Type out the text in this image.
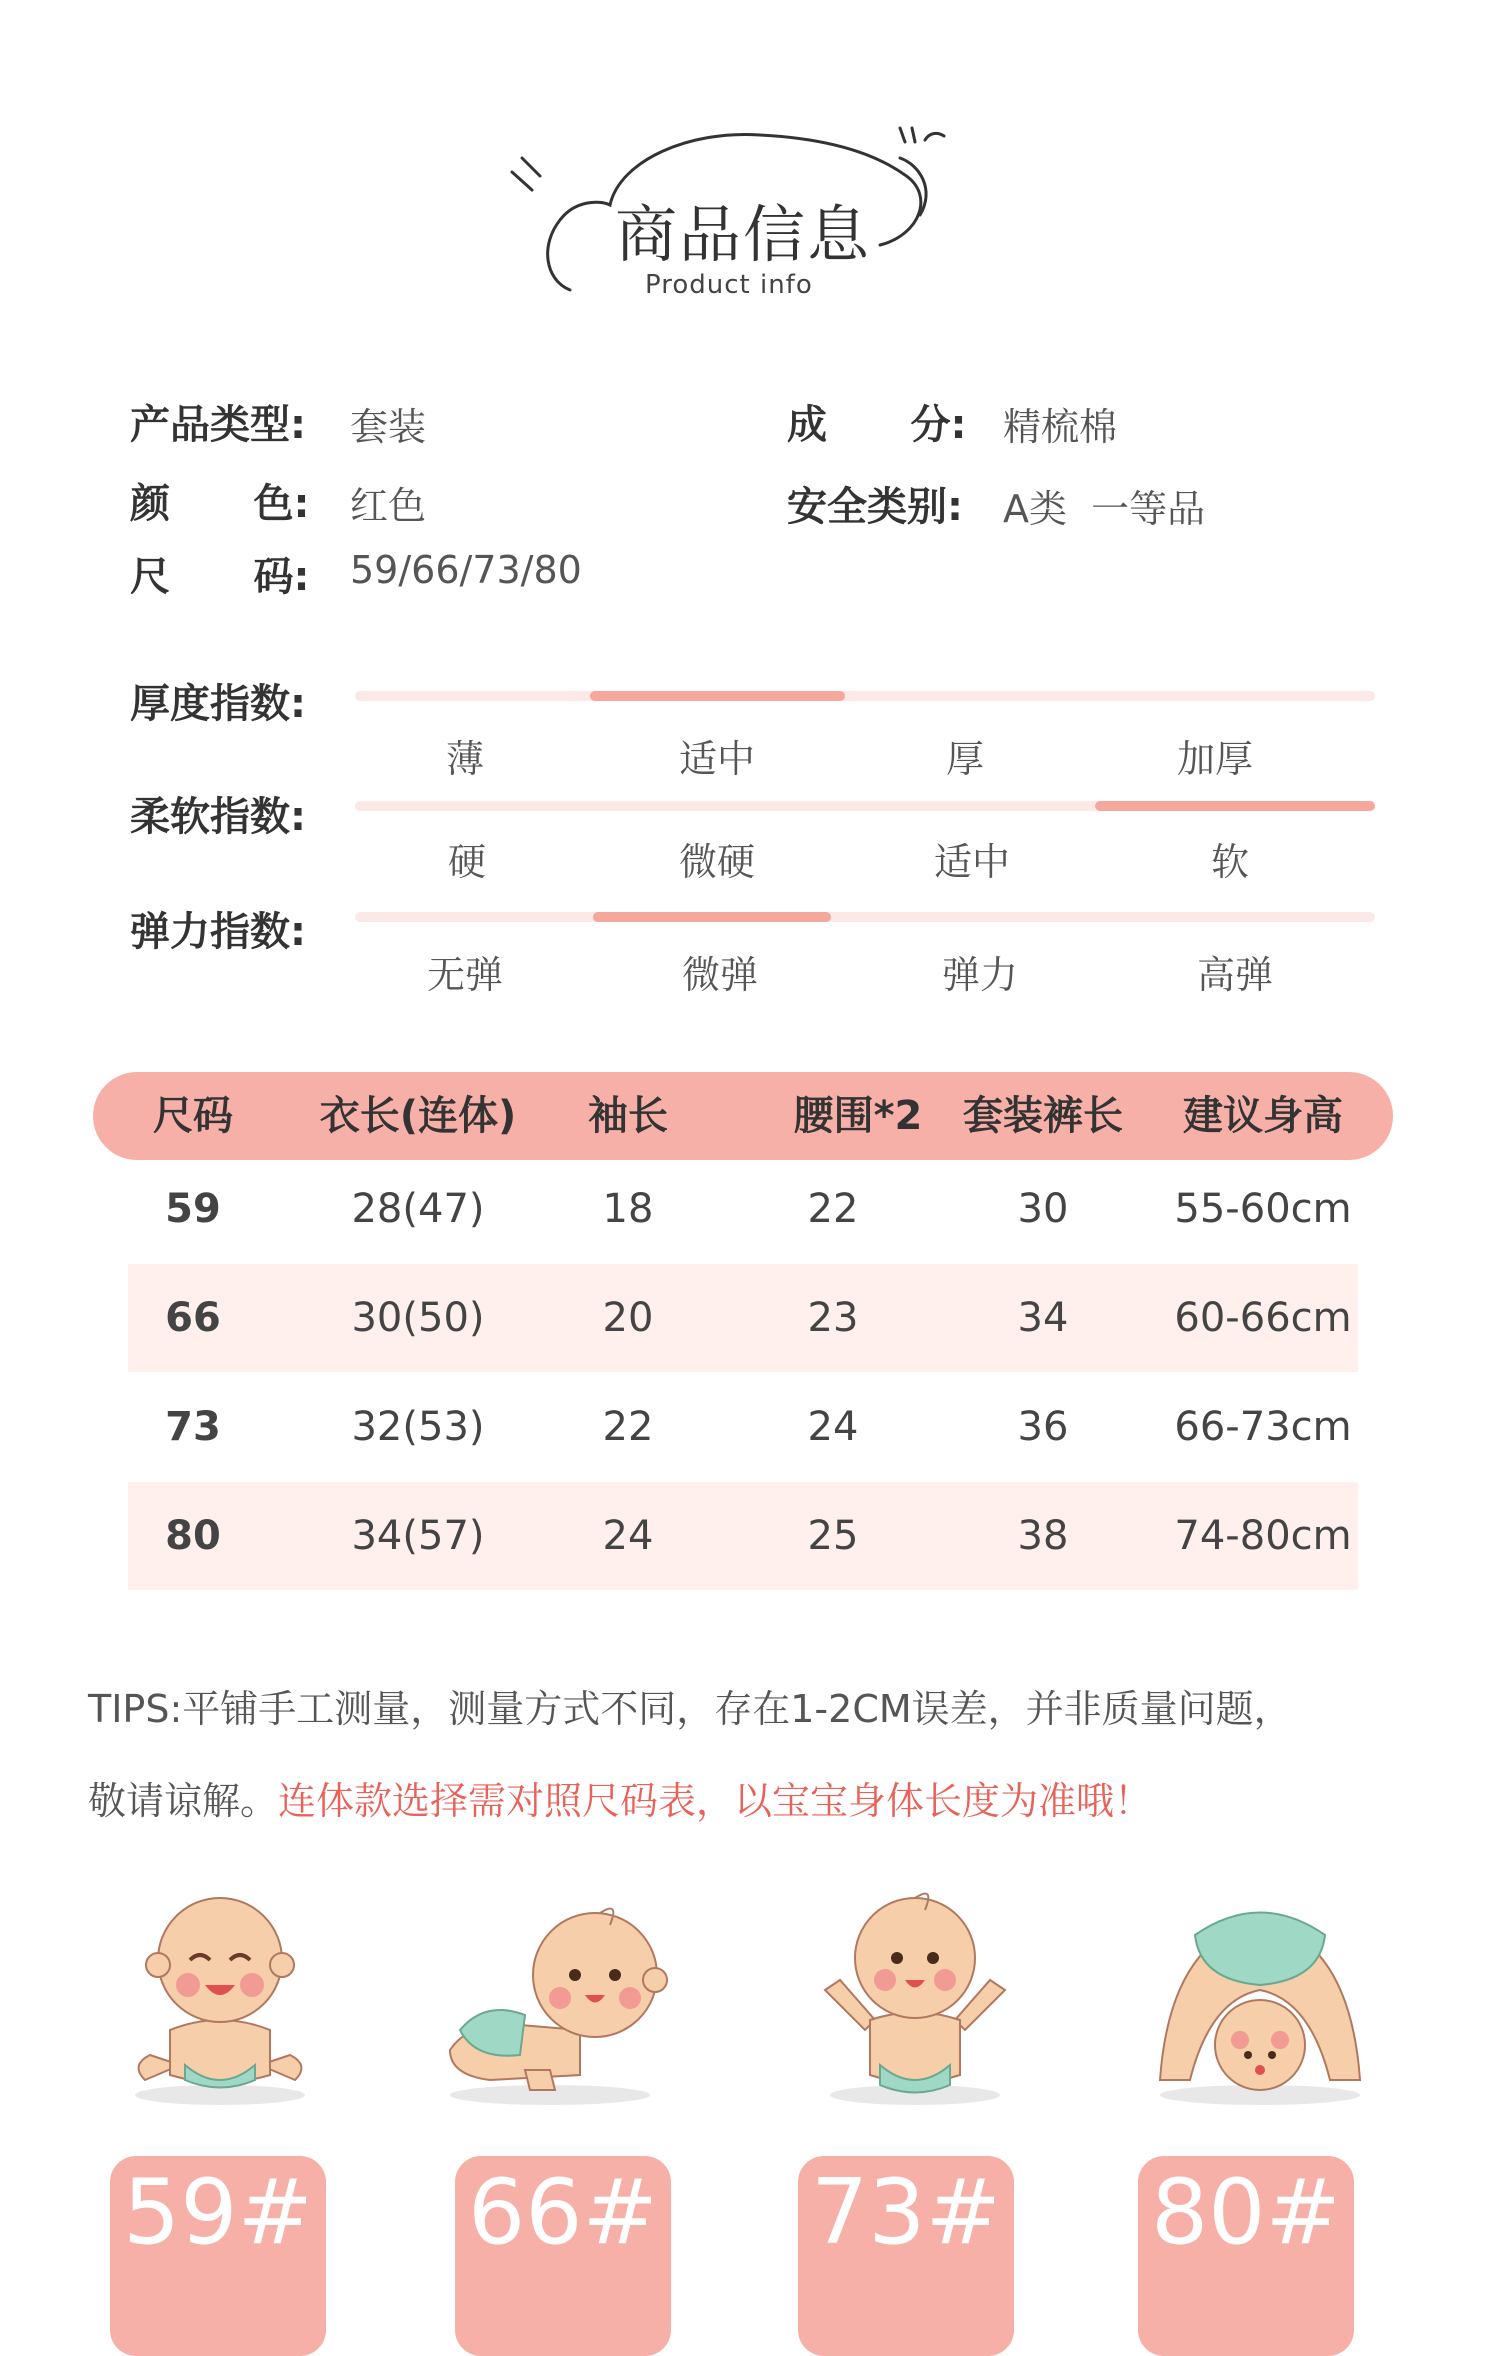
商品信息
Product info
产品类型: 套装
颜      色: 红色
尺      码: 59/66/73/80
成      分: 精梳棉
安全类别: A类  一等品
厚度指数:
薄	适中	厚	加厚
柔软指数:
硬	微硬	适中	软
弹力指数:
无弹	微弹	弹力	高弹
尺码	衣长(连体)	袖长	腰围*2	套装裤长	建议身高
59	28(47)	18	22	30	55-60cm
66	30(50)	20	23	34	60-66cm
73	32(53)	22	24	36	66-73cm
80	34(57)	24	25	38	74-80cm
TIPS:平铺手工测量，测量方式不同，存在1-2CM误差，并非质量问题，
敬请谅解。连体款选择需对照尺码表，以宝宝身体长度为准哦！
59# 66# 73# 80#
